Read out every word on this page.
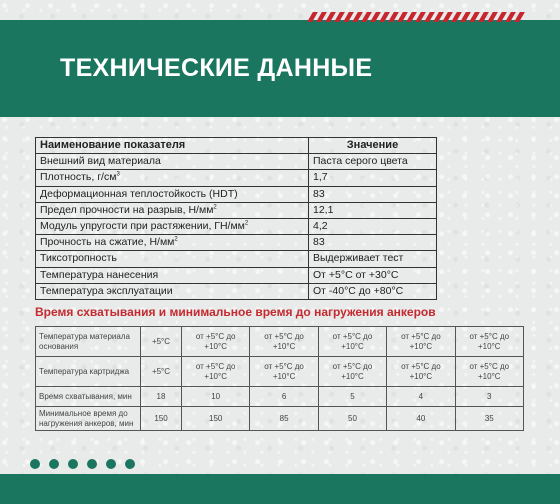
ТЕХНИЧЕСКИЕ ДАННЫЕ
Наименование показателя	Значение
Внешний вид материала	Паста серого цвета
Плотность, $г/см^3$	1,7
Деформационная теплостойкость (HDT)	83
Предел прочности на разрыв, $Н/мм^2$	12,1
Модуль упругости при растяжении, $ГН/мм^2$	4,2
Прочность на сжатие, $Н/мм^2$	83
Тиксотропность	Выдерживает тест
Температура нанесения	От +5°С от +30°С
Температура эксплуатации	От -40°С до +80°С
Время схватывания и минимальное время до нагружения анкеров
Температура материала основания	+5°С	от +5°С до +10°С	от +5°С до +10°С	от +5°С до +10°С	от +5°С до +10°С	от +5°С до +10°С
Температура картриджа	+5°С	от +5°С до +10°С	от +5°С до +10°С	от +5°С до +10°С	от +5°С до +10°С	от +5°С до +10°С
Время схватывания, мин	18	10	6	5	4	3
Минимальное время до нагружения анкеров, мин	150	150	85	50	40	35
